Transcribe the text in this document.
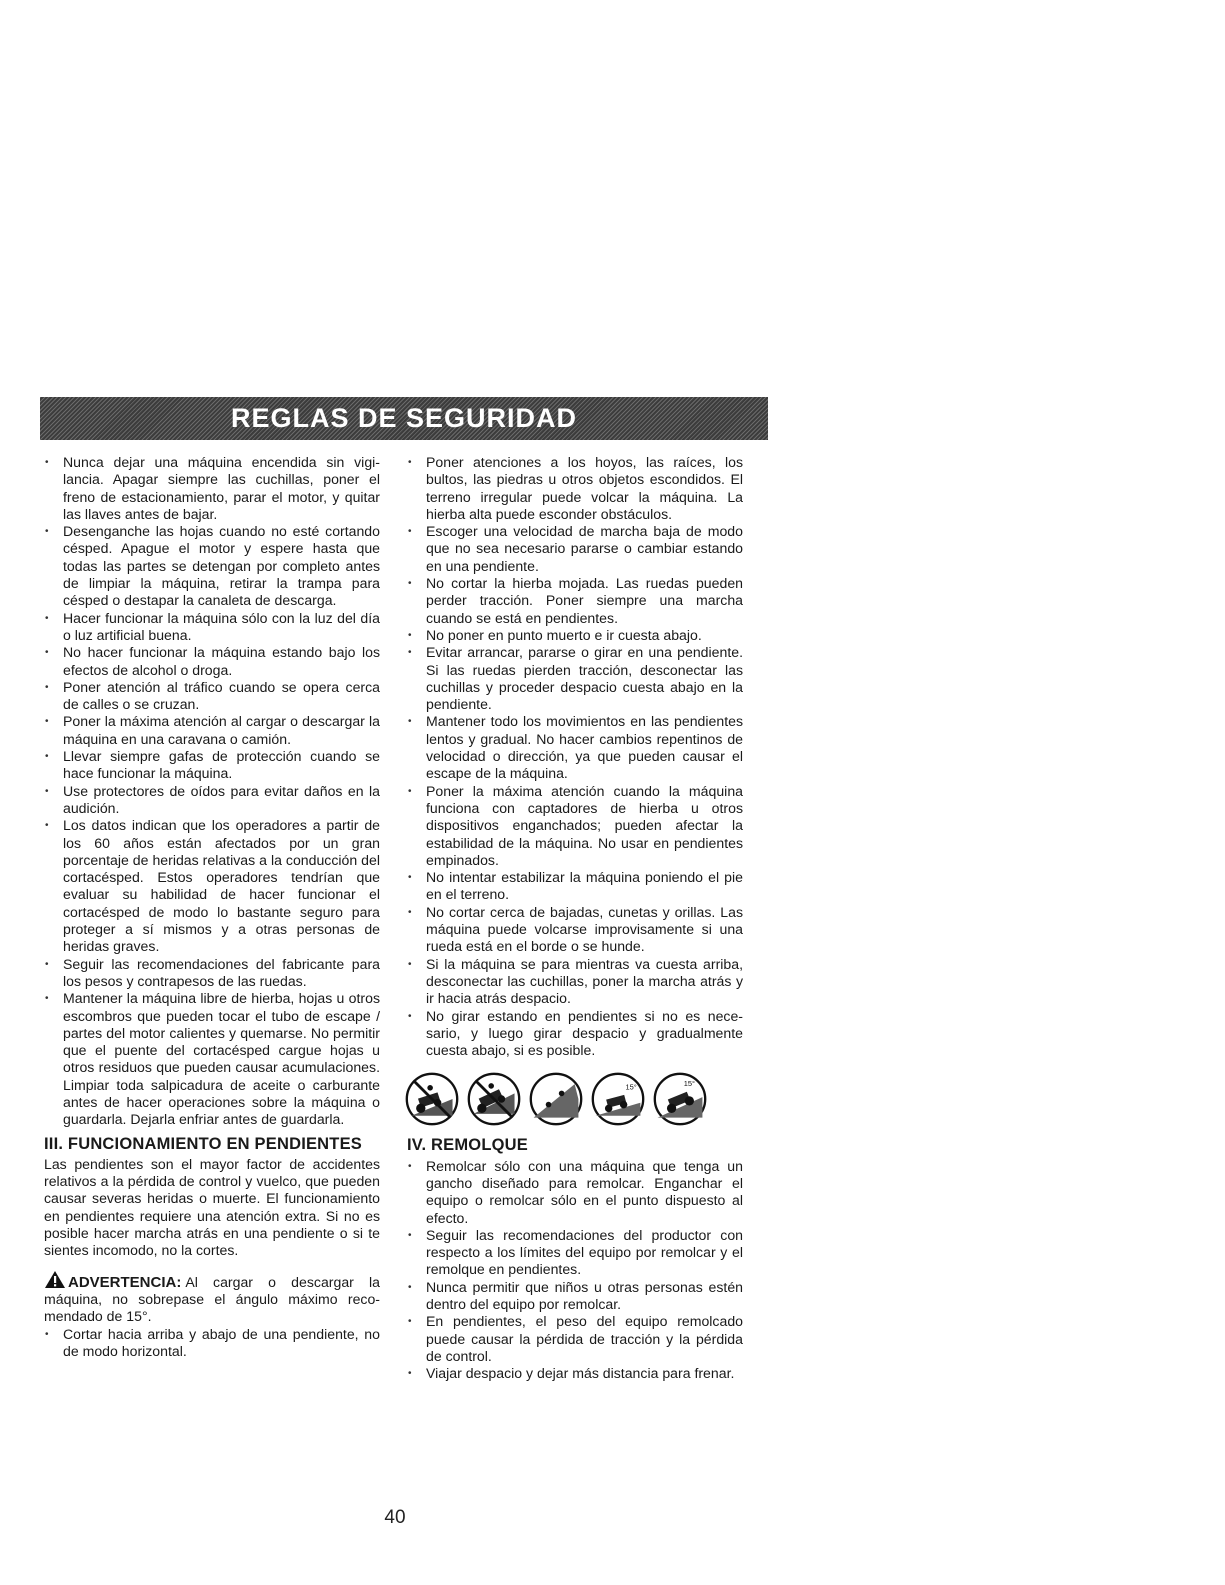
REGLAS DE SEGURIDAD
• Nunca dejar una máquina encendida sin vigilancia. Apagar siempre las cuchillas, poner el freno de estacionamiento, parar el motor, y quitar las llaves antes de bajar.
• Desenganche las hojas cuando no esté cortando césped. Apague el motor y espere hasta que todas las partes se detengan por completo antes de limpiar la máquina, retirar la trampa para césped o destapar la canaleta de descarga.
• Hacer funcionar la máquina sólo con la luz del día o luz artificial buena.
• No hacer funcionar la máquina estando bajo los efectos de alcohol o droga.
• Poner atención al tráfico cuando se opera cerca de calles o se cruzan.
• Poner la máxima atención al cargar o descargar la máquina en una caravana o camión.
• Llevar siempre gafas de protección cuando se hace funcionar la máquina.
• Use protectores de oídos para evitar daños en la audición.
• Los datos indican que los operadores a partir de los 60 años están afectados por un gran porcentaje de heridas relativas a la conducción del cortacésped. Estos operadores tendrían que evaluar su habilidad de hacer funcionar el cortacésped de modo lo bastante seguro para proteger a sí mismos y a otras personas de heridas graves.
• Seguir las recomendaciones del fabricante para los pesos y contrapesos de las ruedas.
• Mantener la máquina libre de hierba, hojas u otros escombros que pueden tocar el tubo de escape / partes del motor calientes y quemarse. No permitir que el puente del cortacésped cargue hojas u otros residuos que pueden causar acumulaciones. Limpiar toda salpicadura de aceite o carburante antes de hacer operaciones sobre la máquina o guardarla. Dejarla enfriar antes de guardarla.
III. FUNCIONAMIENTO EN PENDIENTES

Las pendientes son el mayor factor de accidentes relativos a la pérdida de control y vuelco, que pueden causar severas heridas o muerte. El funcionamiento en pendientes requiere una atención extra. Si no es posible hacer marcha atrás en una pendiente o si te sientes incomodo, no la cortes.

ADVERTENCIA: Al cargar o descargar la máquina, no sobrepase el ángulo máximo recomendado de 15°.
• Cortar hacia arriba y abajo de una pendiente, no de modo horizontal.
• Poner atenciones a los hoyos, las raíces, los bultos, las piedras u otros objetos escondidos. El terreno irregular puede volcar la máquina. La hierba alta puede esconder obstáculos.
• Escoger una velocidad de marcha baja de modo que no sea necesario pararse o cambiar estando en una pendiente.
• No cortar la hierba mojada. Las ruedas pueden perder tracción. Poner siempre una marcha cuando se está en pendientes.
• No poner en punto muerto e ir cuesta abajo.
• Evitar arrancar, pararse o girar en una pendiente. Si las ruedas pierden tracción, desconectar las cuchillas y proceder despacio cuesta abajo en la pendiente.
• Mantener todo los movimientos en las pendientes lentos y gradual. No hacer cambios repentinos de velocidad o dirección, ya que pueden causar el escape de la máquina.
• Poner la máxima atención cuando la máquina funciona con captadores de hierba u otros dispositivos enganchados; pueden afectar la estabilidad de la máquina. No usar en pendientes empinados.
• No intentar estabilizar la máquina poniendo el pie en el terreno.
• No cortar cerca de bajadas, cunetas y orillas. Las máquina puede volcarse improvisamente si una rueda está en el borde o se hunde.
• Si la máquina se para mientras va cuesta arriba, desconectar las cuchillas, poner la marcha atrás y ir hacia atrás despacio.
• No girar estando en pendientes si no es necesario, y luego girar despacio y gradualmente cuesta abajo, si es posible.
15°	15°
IV. REMOLQUE
• Remolcar sólo con una máquina que tenga un gancho diseñado para remolcar. Enganchar el equipo o remolcar sólo en el punto dispuesto al efecto.
• Seguir las recomendaciones del productor con respecto a los límites del equipo por remolcar y el remolque en pendientes.
• Nunca permitir que niños u otras personas estén dentro del equipo por remolcar.
• En pendientes, el peso del equipo remolcado puede causar la pérdida de tracción y la pérdida de control.
• Viajar despacio y dejar más distancia para frenar.
40
